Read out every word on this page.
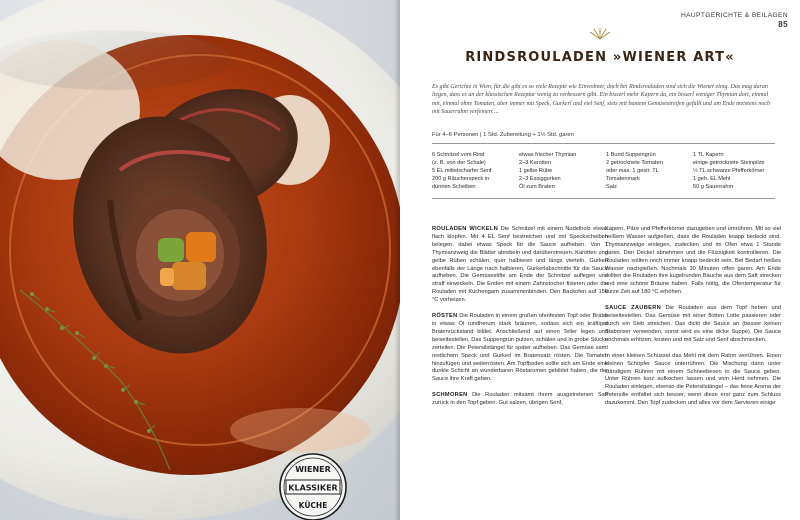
WIENER
KLASSIKER
KÜCHE
HAUPTGERICHTE & BEILAGEN
85
RINDSROULADEN »WIENER ART«
Es gibt Gerichte in Wien, für die gibt es so viele Rezepte wie Einwohner, doch bei Rindsrouladen sind sich die Wiener einig. Das mag daran liegen, dass es an der klassischen Rezeptur wenig zu verbessern gibt. Ein bisserl mehr Kapern da, ein bisserl weniger Thymian dort, einmal mit, einmal ohne Tomaten, aber immer mit Speck, Gurkerl und viel Senf, stets mit buntem Gemüsestreifen gefüllt und am Ende meistens noch mit Sauerrahm verfeinert ...
Für 4–6 Personen | 1 Std. Zubereitung + 1½ Std. garen
6 Schnitzel vom Rind
(z. B. von der Schale)
5 EL mittelscharfer Senf
200 g Räucherspeck in
dünnen Scheiben
etwas frischer Thymian
2–3 Karotten
1 gelbe Rübe
2–3 Essiggurken
Öl zum Braten
1 Bund Suppengrün
2 getrocknete Tomaten
oder max. 1 gestr. TL
Tomatenmark
Salz
1 TL Kapern
einige getrocknete Steinpilze
½ TL schwarze Pfefferkörner
1 geh. EL Mehl
50 g Sauerrahm

ROULADEN WICKELN Die Schnitzel mit einem Nudelholz etwas flach klopfen. Mit 4 EL Senf bestreichen und mit Speckscheiben belegen, dabei etwas Speck für die Sauce aufheben. Von 1 Thymianzweig die Blätter abrebeln und darüberstreuen. Karotten und gelbe Rüben schälen, quer halbieren und längs vierteln. Gurkerl ebenfalls der Länge nach halbieren, Gurkerlabschnitte für die Sauce aufheben. Die Gemüsestifte am Ende der Schnitzel auflegen und straff einwickeln. Die Enden mit einem Zahnstocher fixieren oder die Rouladen mit Küchengarn zusammenbinden. Den Backofen auf 150 °C vorheizen.

RÖSTEN Die Rouladen in einem großen ofenfesten Topf oder Bräter in etwas Öl rundherum stark bräunen, sodass sich ein kräftiger Bratenrückstand bildet. Anschließend auf einen Teller legen und beiseitestellen. Das Suppengrün putzen, schälen und in grobe Stücke zerteilen. Die Petersilstängel für später aufheben. Das Gemüse samt restlichem Speck und Gurkerl im Bratensatz rösten. Die Tomaten hinzufügen und weiterrösten. Am Topfboden sollte sich am Ende eine dunkle Schicht an wunderbaren Röstaromen gebildet haben, die der Sauce ihre Kraft geben.

SCHMOREN Die Rouladen mitsamt ihrem ausgetretenen Saft zurück in den Topf geben. Gut salzen, übrigen Senf,

Kapern, Pilze und Pfefferkörner dazugeben und umrühren. Mit so viel heißem Wasser aufgießen, dass die Rouladen knapp bedeckt sind. Thymianzweige einlegen, zudecken und im Ofen etwa 1 Stunde garen. Den Deckel abnehmen und die Flüssigkeit kontrollieren. Die Rouladen sollten noch immer knapp bedeckt sein. Bei Bedarf heißes Wasser nachgießen. Nochmals 30 Minuten offen garen. Am Ende sollten die Rouladen ihre kugelrunden Bäuche aus dem Saft strecken und eine schöne Bräune haben. Falls nötig, die Ofentemperatur für kurze Zeit auf 180 °C erhöhen.

SAUCE ZAUBERN Die Rouladen aus dem Topf heben und beiseitestellen. Das Gemüse mit einer flotten Lotte passieren oder durch ein Sieb streichen. Das dickt die Sauce an (besser keinen Stabmixer verwenden, sonst wird es eine dicke Suppe). Die Sauce nochmals erhitzen, kosten und mit Salz und Senf abschmecken.

In einer kleinen Schüssel das Mehl mit dem Rahm verrühren. Einen kleinen Schöpfer Sauce unterrühren. Die Mischung dann unter ständigem Rühren mit einem Schneebesen in die Sauce geben. Unter Rühren kurz aufkochen lassen und vom Herd nehmen. Die Rouladen einlegen, ebenso die Petersilstängel – das feine Aroma der Petersilie entfaltet sich besser, wenn diese erst ganz zum Schluss dazukommt. Den Topf zudecken und alles vor dem Servieren einige
